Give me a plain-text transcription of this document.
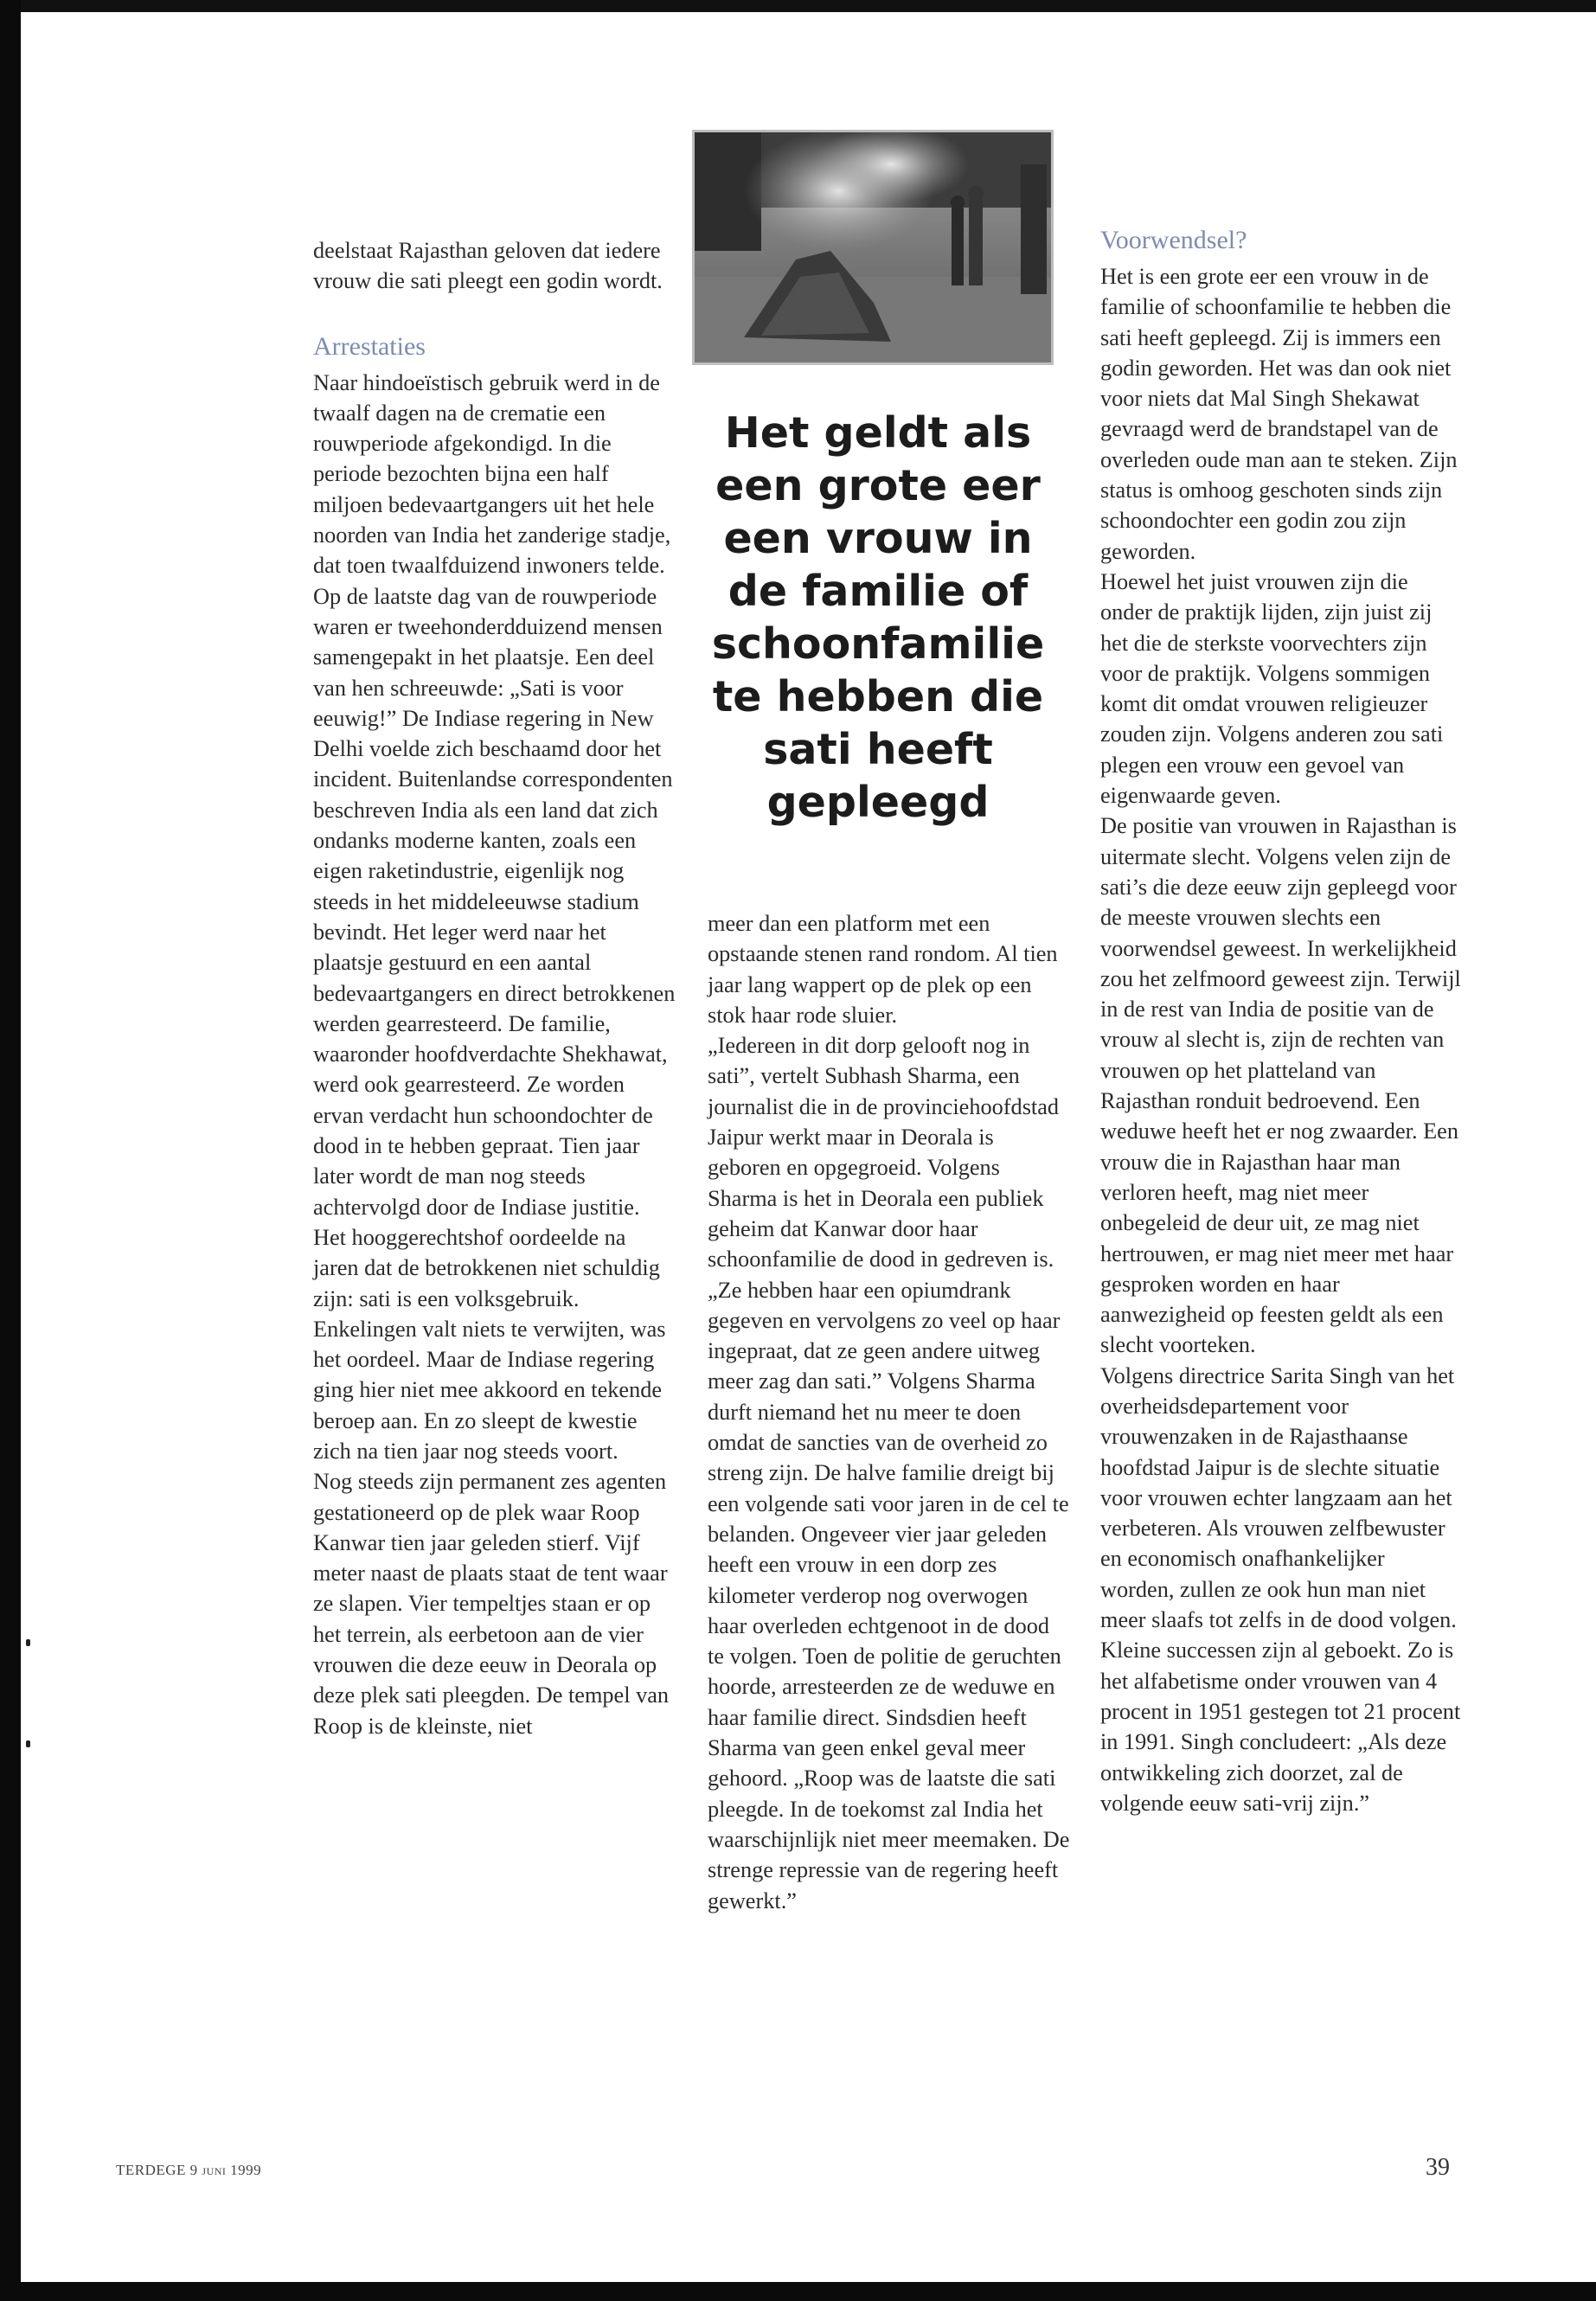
deelstaat Rajasthan geloven dat iedere vrouw die sati pleegt een godin wordt.

Arrestaties

Naar hindoeïstisch gebruik werd in de twaalf dagen na de crematie een rouwperiode afgekondigd. In die periode bezochten bijna een half miljoen bedevaartgangers uit het hele noorden van India het zanderige stadje, dat toen twaalfduizend inwoners telde. Op de laatste dag van de rouwperiode waren er tweehonderdduizend mensen samengepakt in het plaatsje. Een deel van hen schreeuwde: „Sati is voor eeuwig!” De Indiase regering in New Delhi voelde zich beschaamd door het incident. Buitenlandse correspondenten beschreven India als een land dat zich ondanks moderne kanten, zoals een eigen raketindustrie, eigenlijk nog steeds in het middeleeuwse stadium bevindt. Het leger werd naar het plaatsje gestuurd en een aantal bedevaartgangers en direct betrokkenen werden gearresteerd. De familie, waaronder hoofdverdachte Shekhawat, werd ook gearresteerd. Ze worden ervan verdacht hun schoondochter de dood in te hebben gepraat. Tien jaar later wordt de man nog steeds achtervolgd door de Indiase justitie. Het hooggerechtshof oordeelde na jaren dat de betrokkenen niet schuldig zijn: sati is een volksgebruik. Enkelingen valt niets te verwijten, was het oordeel. Maar de Indiase regering ging hier niet mee akkoord en tekende beroep aan. En zo sleept de kwestie zich na tien jaar nog steeds voort.

Nog steeds zijn permanent zes agenten gestationeerd op de plek waar Roop Kanwar tien jaar geleden stierf. Vijf meter naast de plaats staat de tent waar ze slapen. Vier tempeltjes staan er op het terrein, als eerbetoon aan de vier vrouwen die deze eeuw in Deorala op deze plek sati pleegden. De tempel van Roop is de kleinste, niet

Het geldt als een grote eer een vrouw in de familie of schoonfamilie te hebben die sati heeft gepleegd

meer dan een platform met een opstaande stenen rand rondom. Al tien jaar lang wappert op de plek op een stok haar rode sluier.

„Iedereen in dit dorp gelooft nog in sati”, vertelt Subhash Sharma, een journalist die in de provinciehoofdstad Jaipur werkt maar in Deorala is geboren en opgegroeid. Volgens Sharma is het in Deorala een publiek geheim dat Kanwar door haar schoonfamilie de dood in gedreven is. „Ze hebben haar een opiumdrank gegeven en vervolgens zo veel op haar ingepraat, dat ze geen andere uitweg meer zag dan sati.” Volgens Sharma durft niemand het nu meer te doen omdat de sancties van de overheid zo streng zijn. De halve familie dreigt bij een volgende sati voor jaren in de cel te belanden. Ongeveer vier jaar geleden heeft een vrouw in een dorp zes kilometer verderop nog overwogen haar overleden echtgenoot in de dood te volgen. Toen de politie de geruchten hoorde, arresteerden ze de weduwe en haar familie direct. Sindsdien heeft Sharma van geen enkel geval meer gehoord. „Roop was de laatste die sati pleegde. In de toekomst zal India het waarschijnlijk niet meer meemaken. De strenge repressie van de regering heeft gewerkt.”

Voorwendsel?

Het is een grote eer een vrouw in de familie of schoonfamilie te hebben die sati heeft gepleegd. Zij is immers een godin geworden. Het was dan ook niet voor niets dat Mal Singh Shekawat gevraagd werd de brandstapel van de overleden oude man aan te steken. Zijn status is omhoog geschoten sinds zijn schoondochter een godin zou zijn geworden.

Hoewel het juist vrouwen zijn die onder de praktijk lijden, zijn juist zij het die de sterkste voorvechters zijn voor de praktijk. Volgens sommigen komt dit omdat vrouwen religieuzer zouden zijn. Volgens anderen zou sati plegen een vrouw een gevoel van eigenwaarde geven.

De positie van vrouwen in Rajasthan is uitermate slecht. Volgens velen zijn de sati’s die deze eeuw zijn gepleegd voor de meeste vrouwen slechts een voorwendsel geweest. In werkelijkheid zou het zelfmoord geweest zijn. Terwijl in de rest van India de positie van de vrouw al slecht is, zijn de rechten van vrouwen op het platteland van Rajasthan ronduit bedroevend. Een weduwe heeft het er nog zwaarder. Een vrouw die in Rajasthan haar man verloren heeft, mag niet meer onbegeleid de deur uit, ze mag niet hertrouwen, er mag niet meer met haar gesproken worden en haar aanwezigheid op feesten geldt als een slecht voorteken.

Volgens directrice Sarita Singh van het overheidsdepartement voor vrouwenzaken in de Rajasthaanse hoofdstad Jaipur is de slechte situatie voor vrouwen echter langzaam aan het verbeteren. Als vrouwen zelfbewuster en economisch onafhankelijker worden, zullen ze ook hun man niet meer slaafs tot zelfs in de dood volgen. Kleine successen zijn al geboekt. Zo is het alfabetisme onder vrouwen van 4 procent in 1951 gestegen tot 21 procent in 1991. Singh concludeert: „Als deze ontwikkeling zich doorzet, zal de volgende eeuw sati-vrij zijn.”

TERDEGE 9 juni 1999	39
